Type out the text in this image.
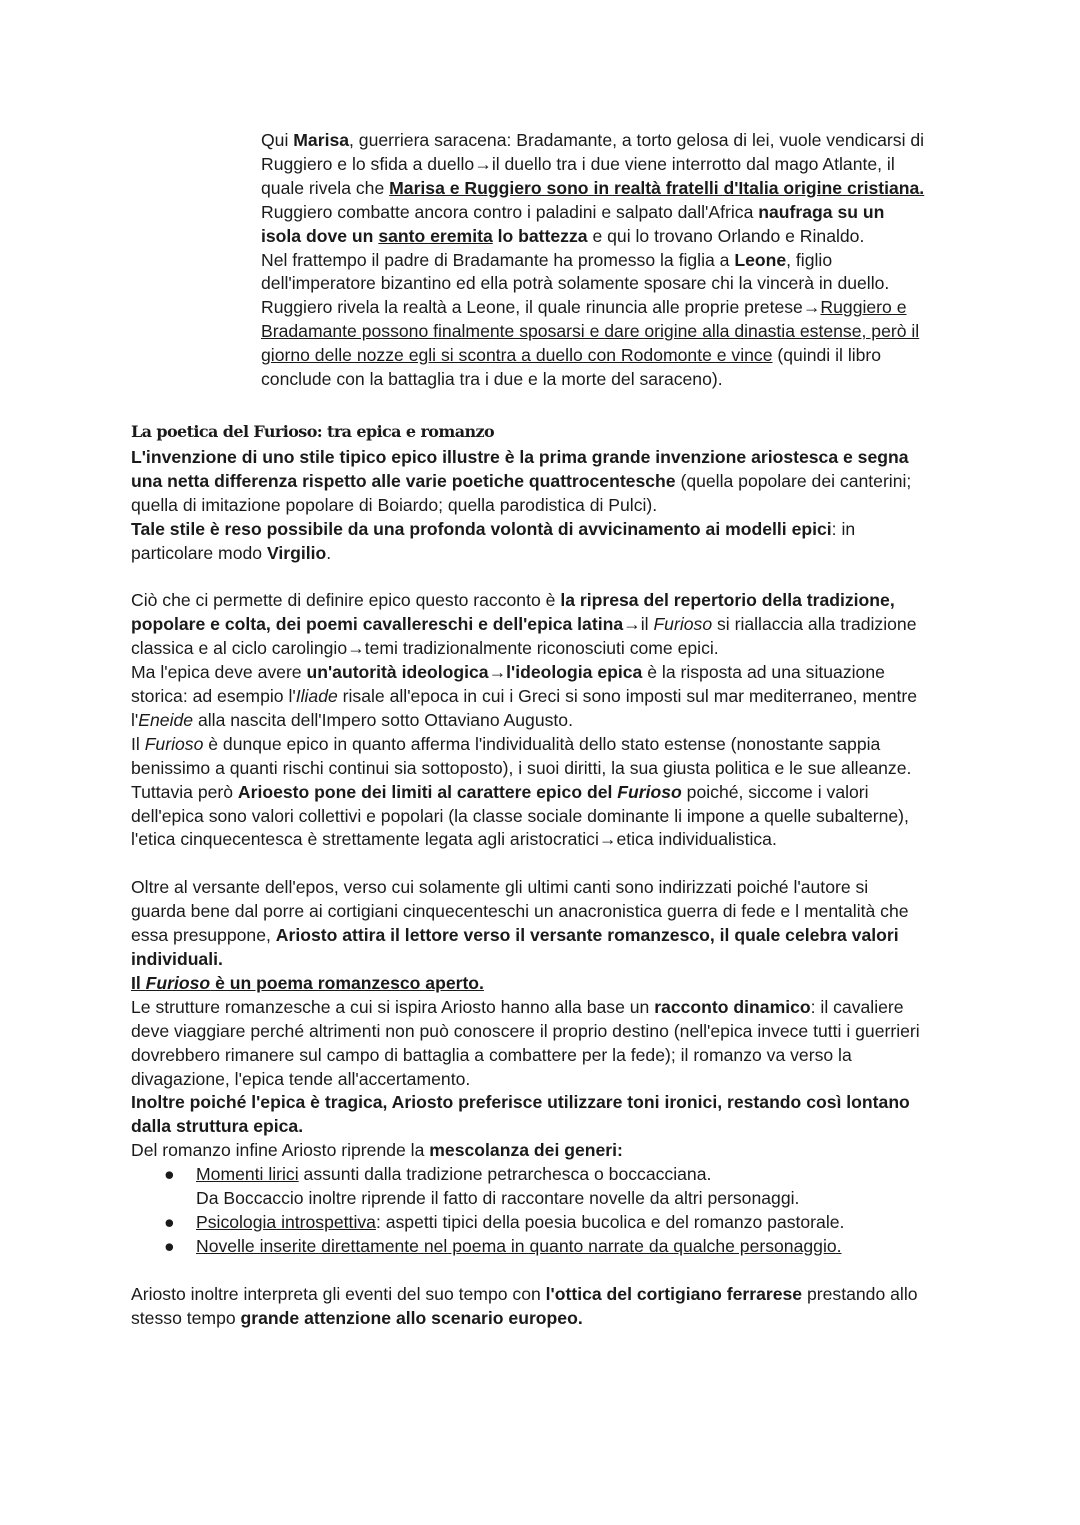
Qui Marisa, guerriera saracena: Bradamante, a torto gelosa di lei, vuole vendicarsi di
Ruggiero e lo sfida a duello→il duello tra i due viene interrotto dal mago Atlante, il
quale rivela che Marisa e Ruggiero sono in realtà fratelli d'Italia origine cristiana.
Ruggiero combatte ancora contro i paladini e salpato dall'Africa naufraga su un
isola dove un santo eremita lo battezza e qui lo trovano Orlando e Rinaldo.
Nel frattempo il padre di Bradamante ha promesso la figlia a Leone, figlio
dell'imperatore bizantino ed ella potrà solamente sposare chi la vincerà in duello.
Ruggiero rivela la realtà a Leone, il quale rinuncia alle proprie pretese→Ruggiero e
Bradamante possono finalmente sposarsi e dare origine alla dinastia estense, però il
giorno delle nozze egli si scontra a duello con Rodomonte e vince (quindi il libro
conclude con la battaglia tra i due e la morte del saraceno).
La poetica del Furioso: tra epica e romanzo
L'invenzione di uno stile tipico epico illustre è la prima grande invenzione ariostesca e segna
una netta differenza rispetto alle varie poetiche quattrocentesche (quella popolare dei canterini;
quella di imitazione popolare di Boiardo; quella parodistica di Pulci).
Tale stile è reso possibile da una profonda volontà di avvicinamento ai modelli epici: in
particolare modo Virgilio.
Ciò che ci permette di definire epico questo racconto è la ripresa del repertorio della tradizione,
popolare e colta, dei poemi cavallereschi e dell'epica latina→il Furioso si riallaccia alla tradizione
classica e al ciclo carolingio→temi tradizionalmente riconosciuti come epici.
Ma l'epica deve avere un'autorità ideologica→l'ideologia epica è la risposta ad una situazione
storica: ad esempio l'Iliade risale all'epoca in cui i Greci si sono imposti sul mar mediterraneo, mentre
l'Eneide alla nascita dell'Impero sotto Ottaviano Augusto.
Il Furioso è dunque epico in quanto afferma l'individualità dello stato estense (nonostante sappia
benissimo a quanti rischi continui sia sottoposto), i suoi diritti, la sua giusta politica e le sue alleanze.
Tuttavia però Arioesto pone dei limiti al carattere epico del Furioso poiché, siccome i valori
dell'epica sono valori collettivi e popolari (la classe sociale dominante li impone a quelle subalterne),
l'etica cinquecentesca è strettamente legata agli aristocratici→etica individualistica.
Oltre al versante dell'epos, verso cui solamente gli ultimi canti sono indirizzati poiché l'autore si
guarda bene dal porre ai cortigiani cinquecenteschi un anacronistica guerra di fede e l mentalità che
essa presuppone, Ariosto attira il lettore verso il versante romanzesco, il quale celebra valori
individuali.
Il Furioso è un poema romanzesco aperto.
Le strutture romanzesche a cui si ispira Ariosto hanno alla base un racconto dinamico: il cavaliere
deve viaggiare perché altrimenti non può conoscere il proprio destino (nell'epica invece tutti i guerrieri
dovrebbero rimanere sul campo di battaglia a combattere per la fede); il romanzo va verso la
divagazione, l'epica tende all'accertamento.
Inoltre poiché l'epica è tragica, Ariosto preferisce utilizzare toni ironici, restando così lontano
dalla struttura epica.
Del romanzo infine Ariosto riprende la mescolanza dei generi:
● Momenti lirici assunti dalla tradizione petrarchesca o boccacciana.
Da Boccaccio inoltre riprende il fatto di raccontare novelle da altri personaggi.
● Psicologia introspettiva: aspetti tipici della poesia bucolica e del romanzo pastorale.
● Novelle inserite direttamente nel poema in quanto narrate da qualche personaggio.
Ariosto inoltre interpreta gli eventi del suo tempo con l'ottica del cortigiano ferrarese prestando allo
stesso tempo grande attenzione allo scenario europeo.
